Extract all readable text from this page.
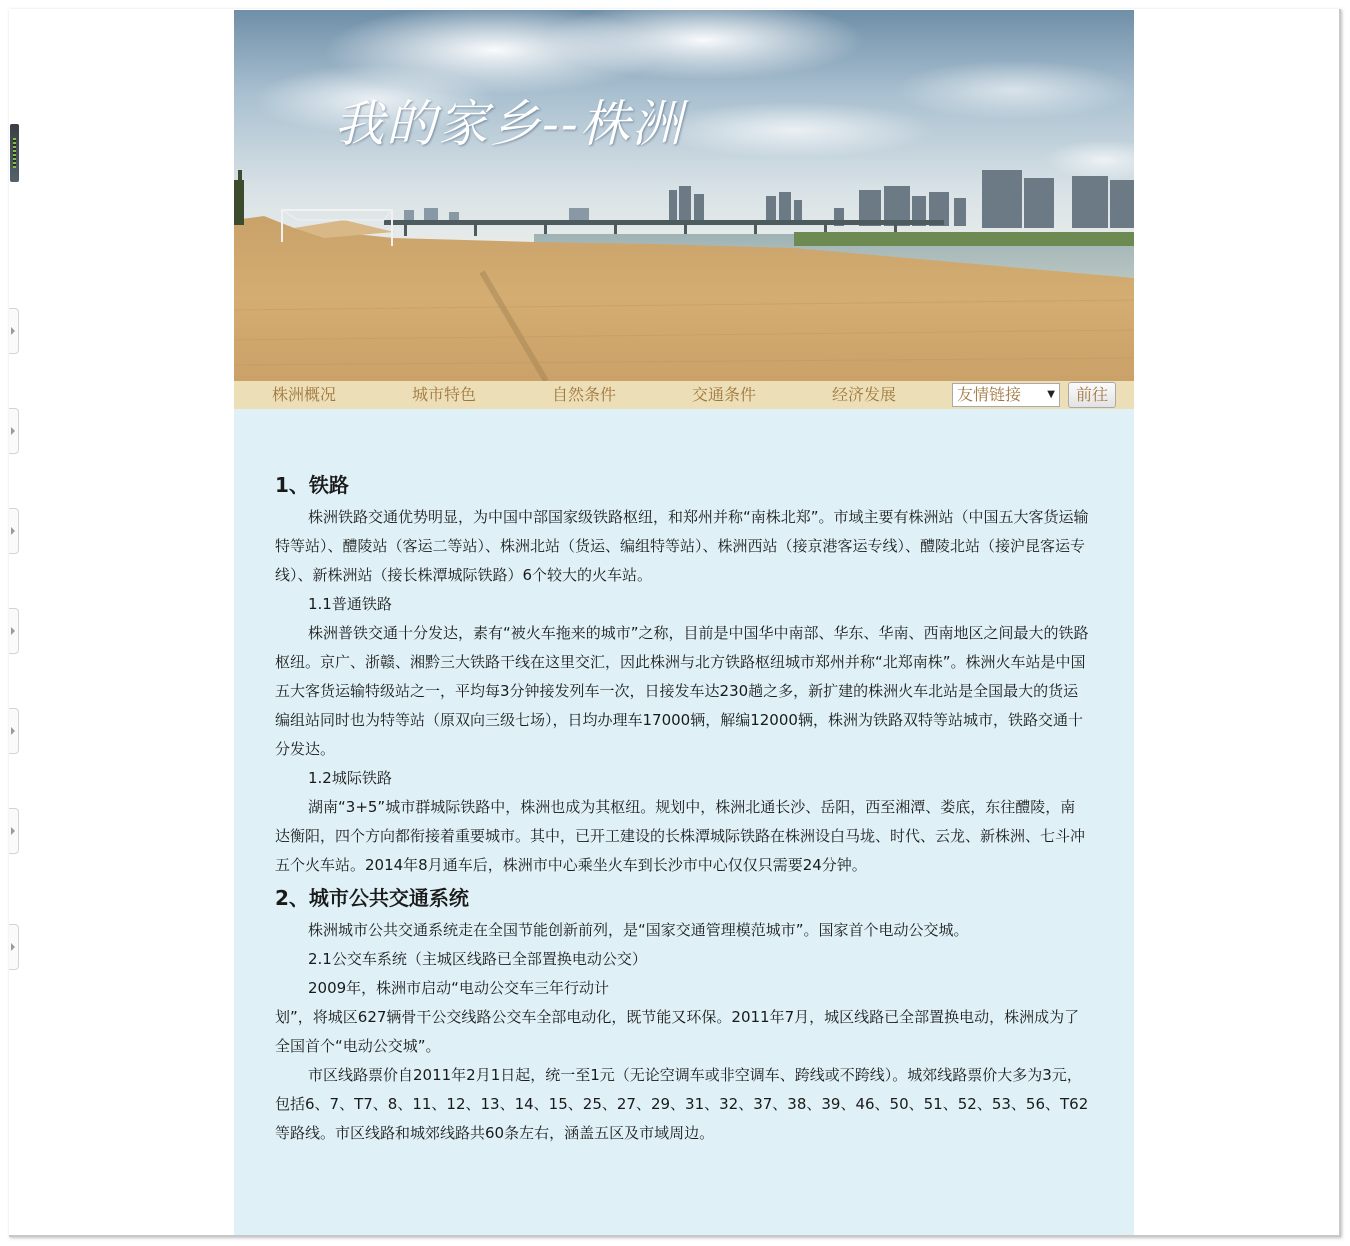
我的家乡--株洲
株洲概况	城市特色	自然条件	交通条件	经济发展	友情链接	▼	前往
1、铁路

株洲铁路交通优势明显，为中国中部国家级铁路枢纽，和郑州并称“南株北郑”。市域主要有株洲站（中国五大客货运输特等站）、醴陵站（客运二等站）、株洲北站（货运、编组特等站）、株洲西站（接京港客运专线）、醴陵北站（接沪昆客运专线）、新株洲站（接长株潭城际铁路）6个较大的火车站。

1.1普通铁路

株洲普铁交通十分发达，素有“被火车拖来的城市”之称，目前是中国华中南部、华东、华南、西南地区之间最大的铁路枢纽。京广、浙赣、湘黔三大铁路干线在这里交汇，因此株洲与北方铁路枢纽城市郑州并称“北郑南株”。株洲火车站是中国五大客货运输特级站之一，平均每3分钟接发列车一次，日接发车达230趟之多，新扩建的株洲火车北站是全国最大的货运编组站同时也为特等站（原双向三级七场），日均办理车17000辆，解编12000辆，株洲为铁路双特等站城市，铁路交通十分发达。

1.2城际铁路

湖南“3+5”城市群城际铁路中，株洲也成为其枢纽。规划中，株洲北通长沙、岳阳，西至湘潭、娄底，东往醴陵，南达衡阳，四个方向都衔接着重要城市。其中，已开工建设的长株潭城际铁路在株洲设白马垅、时代、云龙、新株洲、七斗冲五个火车站。2014年8月通车后，株洲市中心乘坐火车到长沙市中心仅仅只需要24分钟。

2、城市公共交通系统

株洲城市公共交通系统走在全国节能创新前列，是“国家交通管理模范城市”。国家首个电动公交城。

2.1公交车系统（主城区线路已全部置换电动公交）

2009年，株洲市启动“电动公交车三年行动计

划”，将城区627辆骨干公交线路公交车全部电动化，既节能又环保。2011年7月，城区线路已全部置换电动，株洲成为了全国首个“电动公交城”。

市区线路票价自2011年2月1日起，统一至1元（无论空调车或非空调车、跨线或不跨线）。城郊线路票价大多为3元，包括6、7、T7、8、11、12、13、14、15、25、27、29、31、32、37、38、39、46、50、51、52、53、56、T62等路线。市区线路和城郊线路共60条左右，涵盖五区及市域周边。
